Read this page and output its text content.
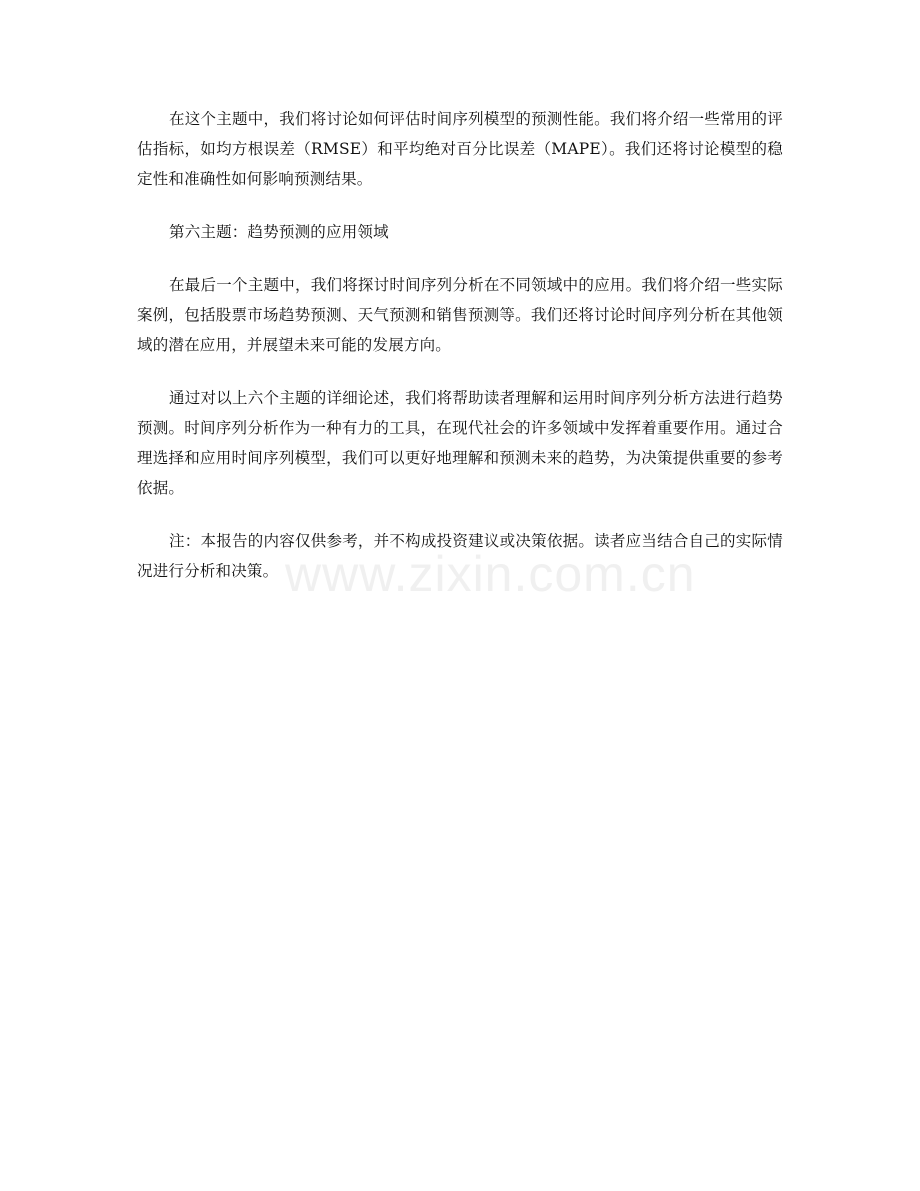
在这个主题中，我们将讨论如何评估时间序列模型的预测性能。我们将介绍一些常用的评估指标，如均方根误差（RMSE）和平均绝对百分比误差（MAPE）。我们还将讨论模型的稳定性和准确性如何影响预测结果。

第六主题：趋势预测的应用领域

在最后一个主题中，我们将探讨时间序列分析在不同领域中的应用。我们将介绍一些实际案例，包括股票市场趋势预测、天气预测和销售预测等。我们还将讨论时间序列分析在其他领域的潜在应用，并展望未来可能的发展方向。

通过对以上六个主题的详细论述，我们将帮助读者理解和运用时间序列分析方法进行趋势预测。时间序列分析作为一种有力的工具，在现代社会的许多领域中发挥着重要作用。通过合理选择和应用时间序列模型，我们可以更好地理解和预测未来的趋势，为决策提供重要的参考依据。

注：本报告的内容仅供参考，并不构成投资建议或决策依据。读者应当结合自己的实际情况进行分析和决策。 www.zixin.com.cn
